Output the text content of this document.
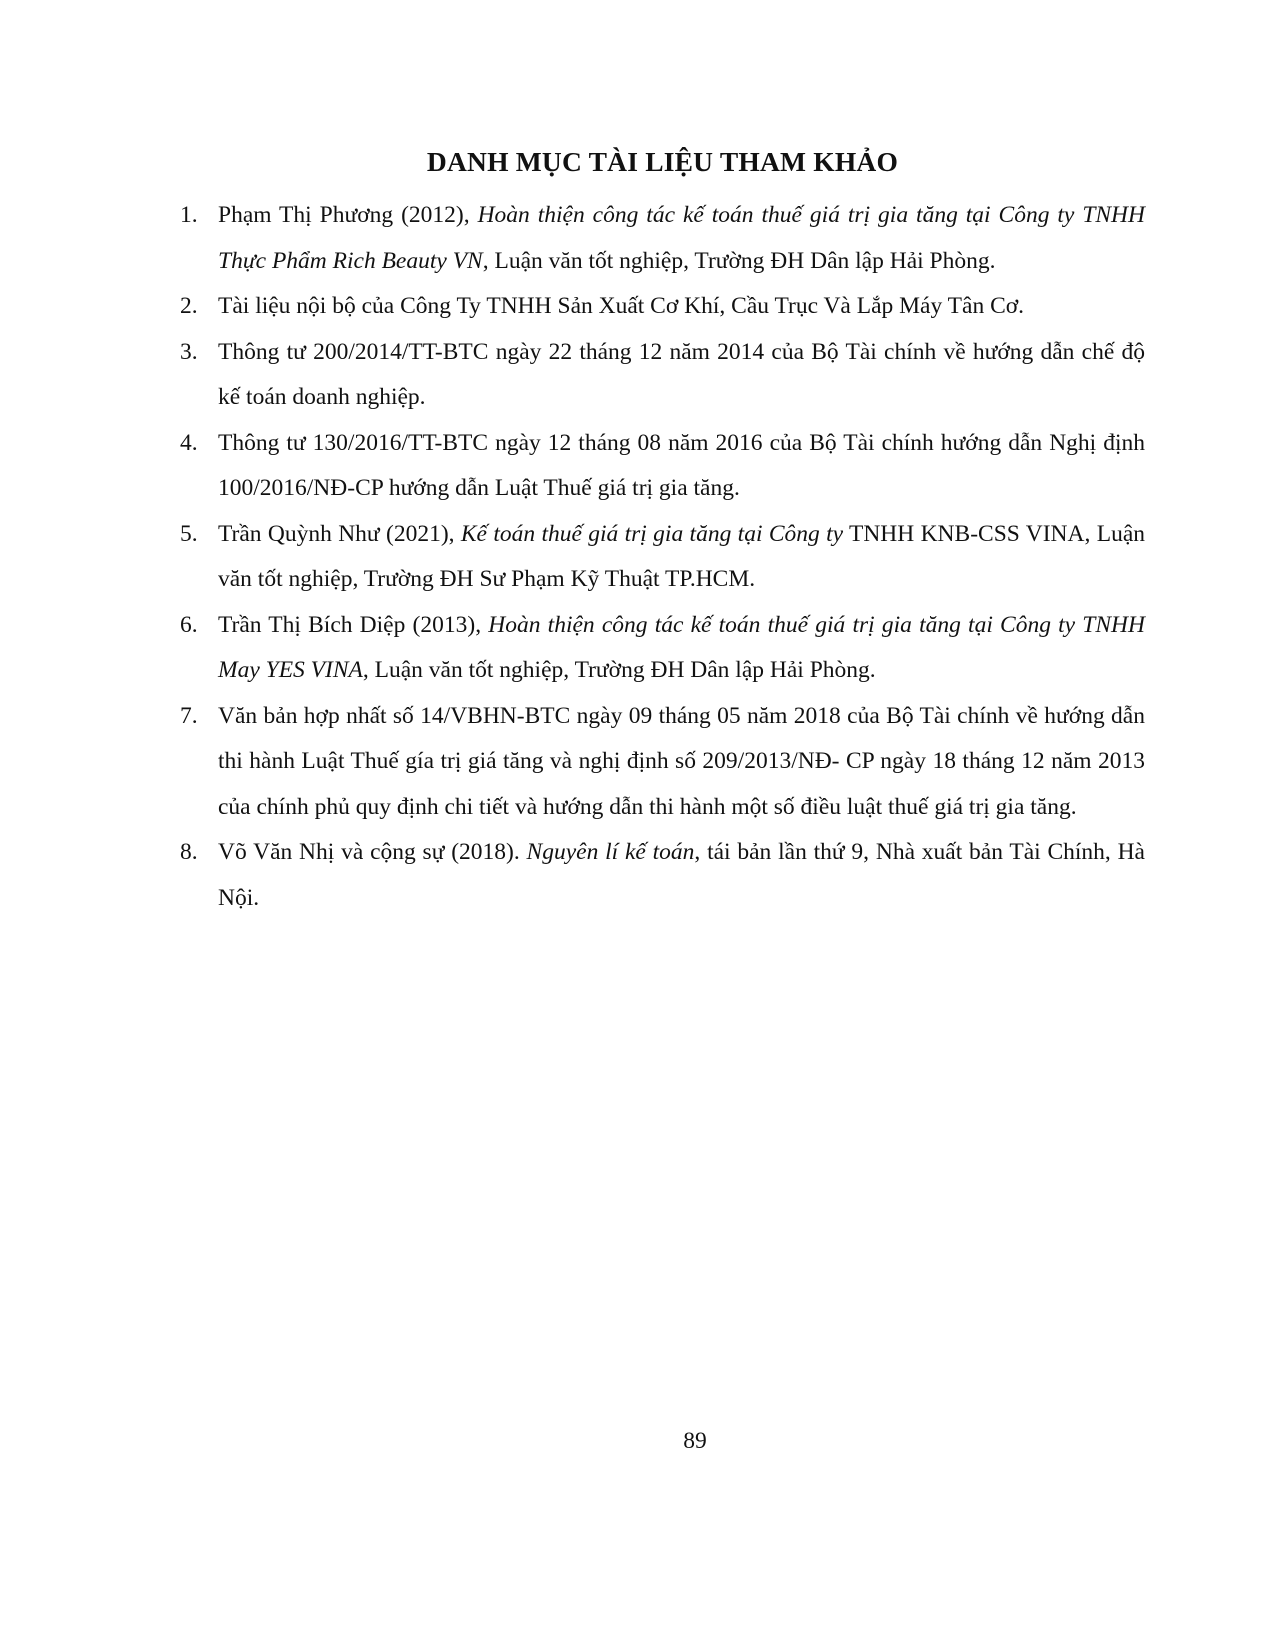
DANH MỤC TÀI LIỆU THAM KHẢO
1. Phạm Thị Phương (2012), Hoàn thiện công tác kế toán thuế giá trị gia tăng tại Công ty TNHH Thực Phẩm Rich Beauty VN, Luận văn tốt nghiệp, Trường ĐH Dân lập Hải Phòng.
2. Tài liệu nội bộ của Công Ty TNHH Sản Xuất Cơ Khí, Cầu Trục Và Lắp Máy Tân Cơ.
3. Thông tư 200/2014/TT-BTC ngày 22 tháng 12 năm 2014 của Bộ Tài chính về hướng dẫn chế độ kế toán doanh nghiệp.
4. Thông tư 130/2016/TT-BTC ngày 12 tháng 08 năm 2016 của Bộ Tài chính hướng dẫn Nghị định 100/2016/NĐ-CP hướng dẫn Luật Thuế giá trị gia tăng.
5. Trần Quỳnh Như (2021), Kế toán thuế giá trị gia tăng tại Công ty TNHH KNB-CSS VINA, Luận văn tốt nghiệp, Trường ĐH Sư Phạm Kỹ Thuật TP.HCM.
6. Trần Thị Bích Diệp (2013), Hoàn thiện công tác kế toán thuế giá trị gia tăng tại Công ty TNHH May YES VINA, Luận văn tốt nghiệp, Trường ĐH Dân lập Hải Phòng.
7. Văn bản hợp nhất số 14/VBHN-BTC ngày 09 tháng 05 năm 2018 của Bộ Tài chính về hướng dẫn thi hành Luật Thuế gía trị giá tăng và nghị định số 209/2013/NĐ- CP ngày 18 tháng 12 năm 2013 của chính phủ quy định chi tiết và hướng dẫn thi hành một số điều luật thuế giá trị gia tăng.
8. Võ Văn Nhị và cộng sự (2018). Nguyên lí kế toán, tái bản lần thứ 9, Nhà xuất bản Tài Chính, Hà Nội.
89
